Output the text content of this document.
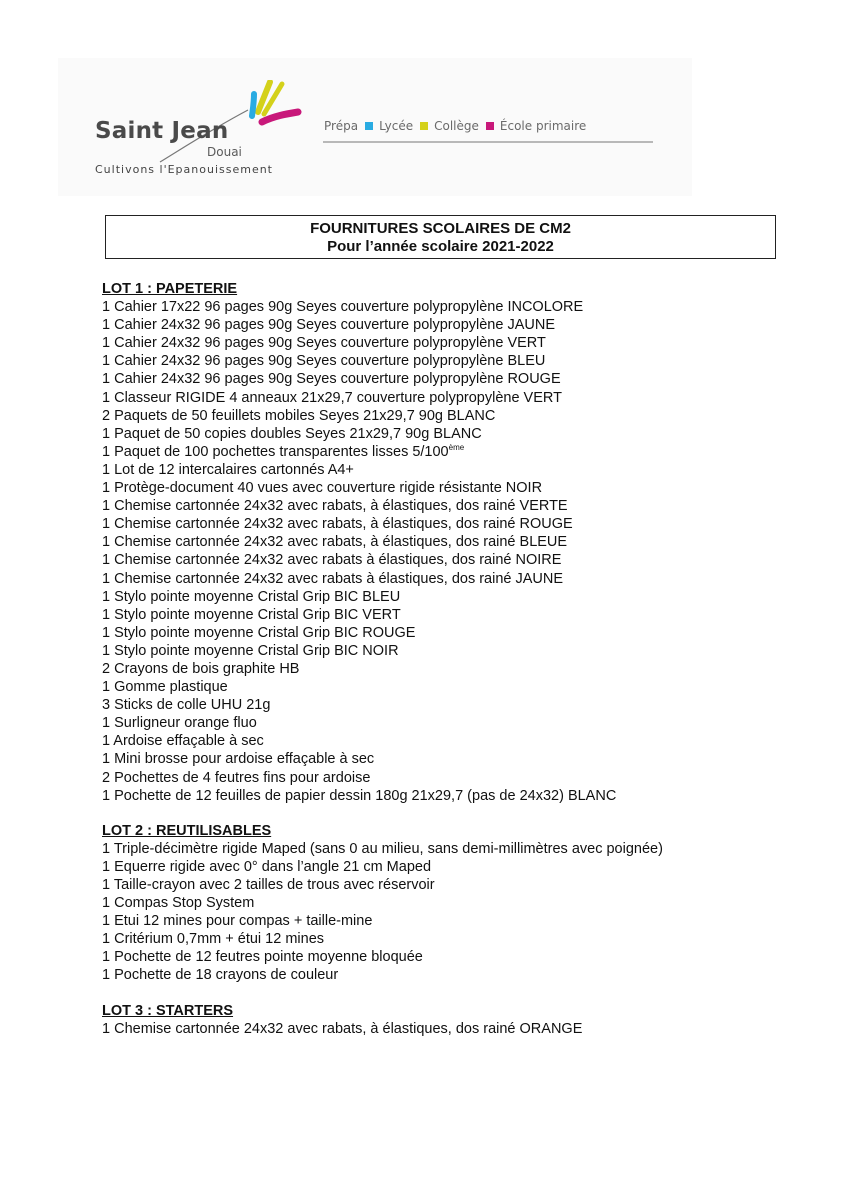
Saint Jean
Douai
Cultivons l'Epanouissement
Prépa Lycée Collège École primaire
FOURNITURES SCOLAIRES DE CM2
Pour l’année scolaire 2021-2022

LOT 1 : PAPETERIE

1 Cahier 17x22 96 pages 90g Seyes couverture polypropylène INCOLORE

1 Cahier 24x32 96 pages 90g Seyes couverture polypropylène JAUNE

1 Cahier 24x32 96 pages 90g Seyes couverture polypropylène VERT

1 Cahier 24x32 96 pages 90g Seyes couverture polypropylène BLEU

1 Cahier 24x32 96 pages 90g Seyes couverture polypropylène ROUGE

1 Classeur RIGIDE 4 anneaux 21x29,7 couverture polypropylène VERT

2 Paquets de 50 feuillets mobiles Seyes 21x29,7 90g BLANC

1 Paquet de 50 copies doubles Seyes 21x29,7 90g BLANC

1 Paquet de 100 pochettes transparentes lisses 5/100ème

1 Lot de 12 intercalaires cartonnés A4+

1 Protège-document 40 vues avec couverture rigide résistante NOIR

1 Chemise cartonnée 24x32 avec rabats, à élastiques, dos rainé VERTE

1 Chemise cartonnée 24x32 avec rabats, à élastiques, dos rainé ROUGE

1 Chemise cartonnée 24x32 avec rabats, à élastiques, dos rainé BLEUE

1 Chemise cartonnée 24x32 avec rabats à élastiques, dos rainé NOIRE

1 Chemise cartonnée 24x32 avec rabats à élastiques, dos rainé JAUNE

1 Stylo pointe moyenne Cristal Grip BIC BLEU

1 Stylo pointe moyenne Cristal Grip BIC VERT

1 Stylo pointe moyenne Cristal Grip BIC ROUGE

1 Stylo pointe moyenne Cristal Grip BIC NOIR

2 Crayons de bois graphite HB

1 Gomme plastique

3 Sticks de colle UHU 21g

1 Surligneur orange fluo

1 Ardoise effaçable à sec

1 Mini brosse pour ardoise effaçable à sec

2 Pochettes de 4 feutres fins pour ardoise

1 Pochette de 12 feuilles de papier dessin 180g 21x29,7 (pas de 24x32) BLANC

LOT 2 : REUTILISABLES

1 Triple-décimètre rigide Maped (sans 0 au milieu, sans demi-millimètres avec poignée)

1 Equerre rigide avec 0° dans l’angle 21 cm Maped

1 Taille-crayon avec 2 tailles de trous avec réservoir

1 Compas Stop System

1 Etui 12 mines pour compas + taille-mine

1 Critérium 0,7mm + étui 12 mines

1 Pochette de 12 feutres pointe moyenne bloquée

1 Pochette de 18 crayons de couleur

LOT 3 : STARTERS

1 Chemise cartonnée 24x32 avec rabats, à élastiques, dos rainé ORANGE
